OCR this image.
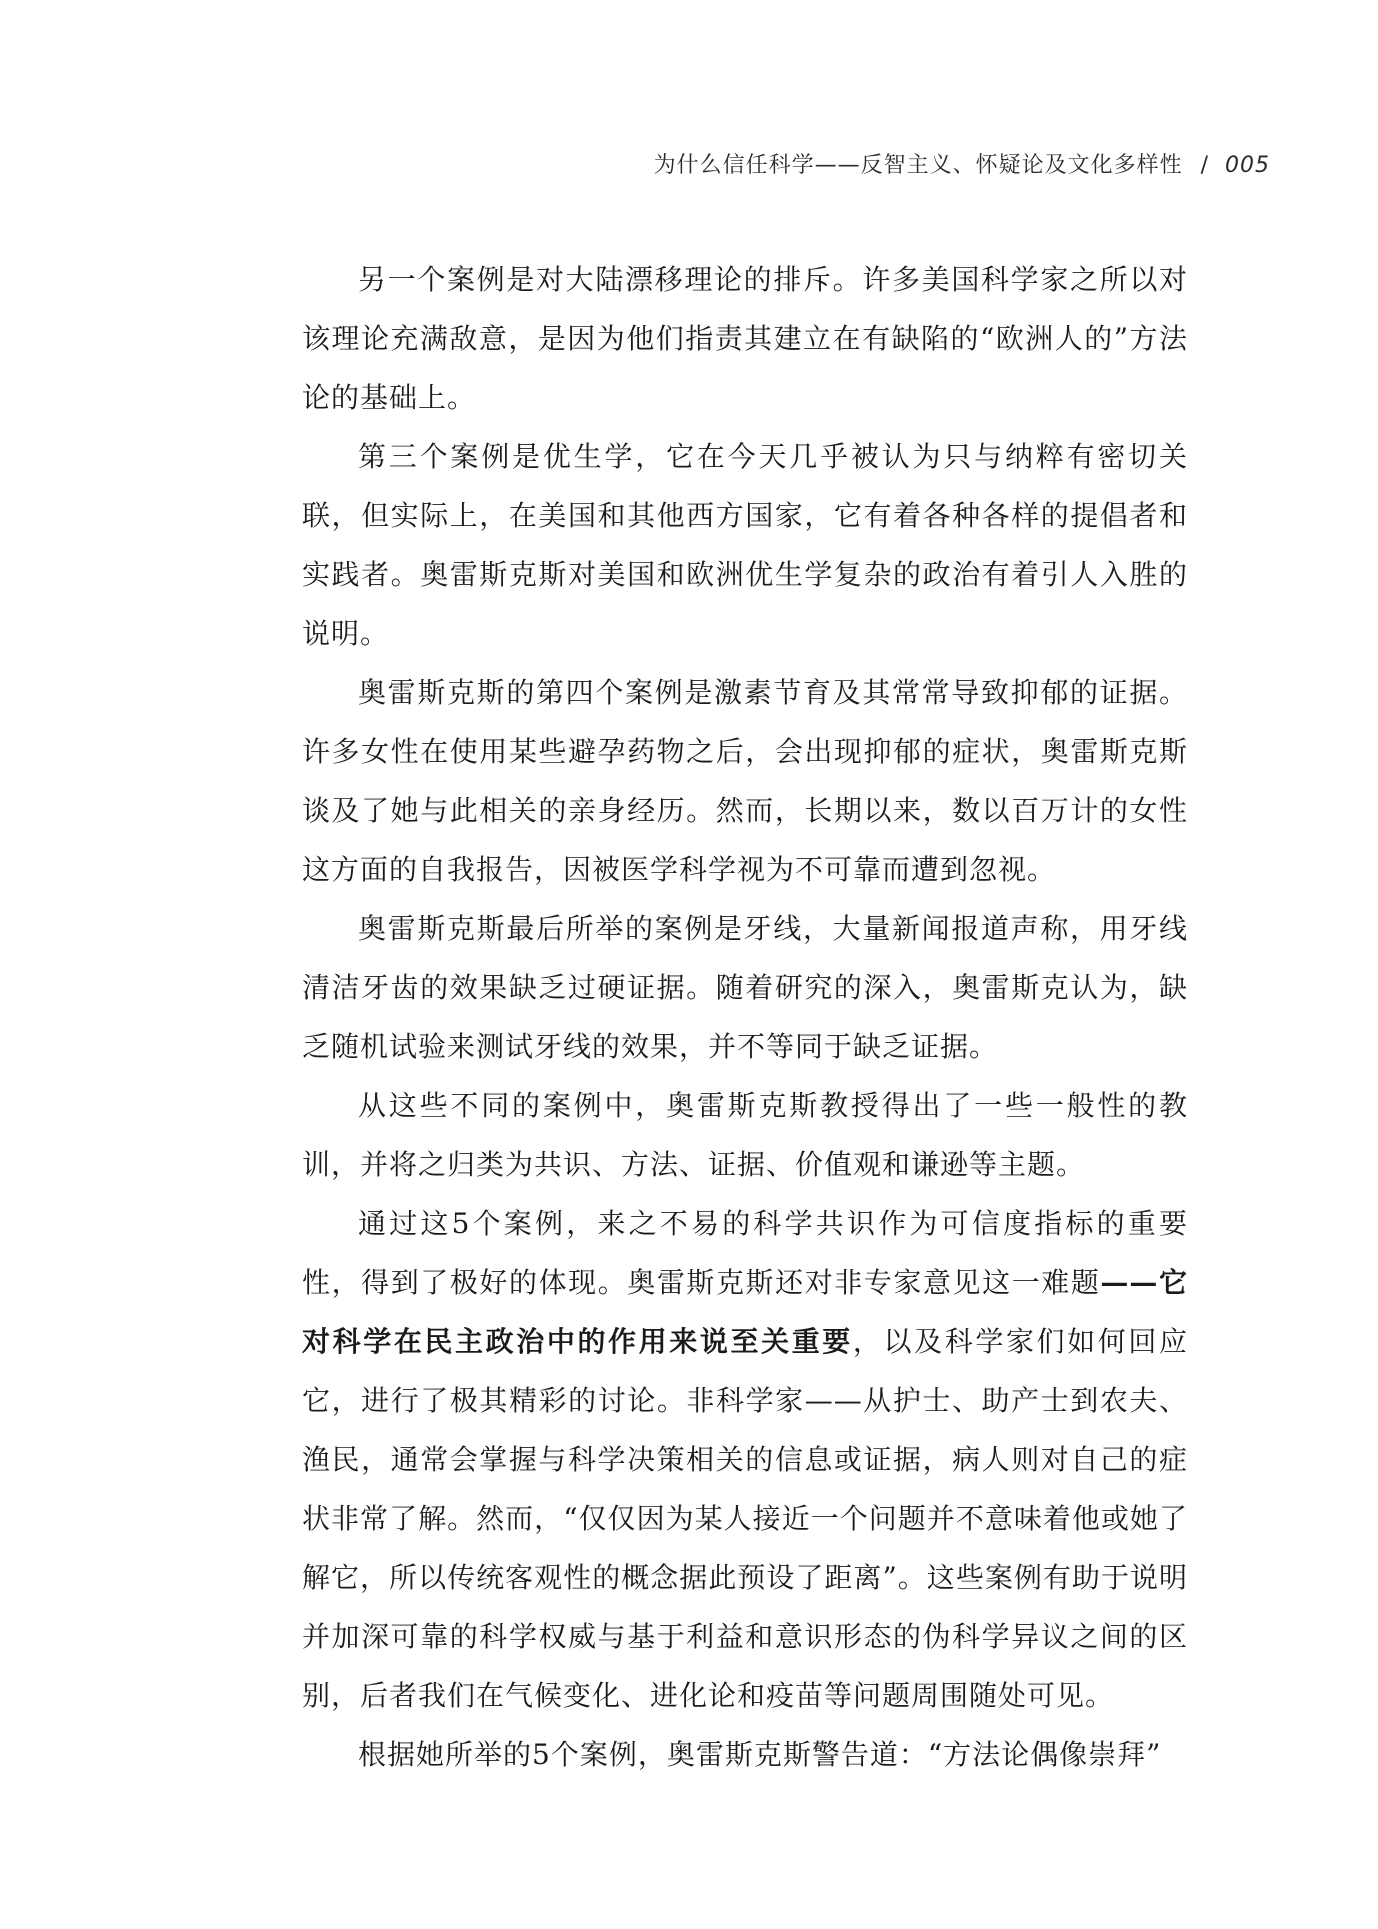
为什么信任科学——反智主义、怀疑论及文化多样性 / 005

另一个案例是对大陆漂移理论的排斥。许多美国科学家之所以对该理论充满敌意，是因为他们指责其建立在有缺陷的“欧洲人的”方法论的基础上。

第三个案例是优生学，它在今天几乎被认为只与纳粹有密切关联，但实际上，在美国和其他西方国家，它有着各种各样的提倡者和实践者。奥雷斯克斯对美国和欧洲优生学复杂的政治有着引人入胜的说明。

奥雷斯克斯的第四个案例是激素节育及其常常导致抑郁的证据。许多女性在使用某些避孕药物之后，会出现抑郁的症状，奥雷斯克斯谈及了她与此相关的亲身经历。然而，长期以来，数以百万计的女性这方面的自我报告，因被医学科学视为不可靠而遭到忽视。

奥雷斯克斯最后所举的案例是牙线，大量新闻报道声称，用牙线清洁牙齿的效果缺乏过硬证据。随着研究的深入，奥雷斯克认为，缺乏随机试验来测试牙线的效果，并不等同于缺乏证据。

从这些不同的案例中，奥雷斯克斯教授得出了一些一般性的教训，并将之归类为共识、方法、证据、价值观和谦逊等主题。

通过这5个案例，来之不易的科学共识作为可信度指标的重要性，得到了极好的体现。奥雷斯克斯还对非专家意见这一难题——它对科学在民主政治中的作用来说至关重要，以及科学家们如何回应它，进行了极其精彩的讨论。非科学家——从护士、助产士到农夫、渔民，通常会掌握与科学决策相关的信息或证据，病人则对自己的症状非常了解。然而，“仅仅因为某人接近一个问题并不意味着他或她了解它，所以传统客观性的概念据此预设了距离”。这些案例有助于说明并加深可靠的科学权威与基于利益和意识形态的伪科学异议之间的区别，后者我们在气候变化、进化论和疫苗等问题周围随处可见。

根据她所举的5个案例，奥雷斯克斯警告道：“方法论偶像崇拜”
